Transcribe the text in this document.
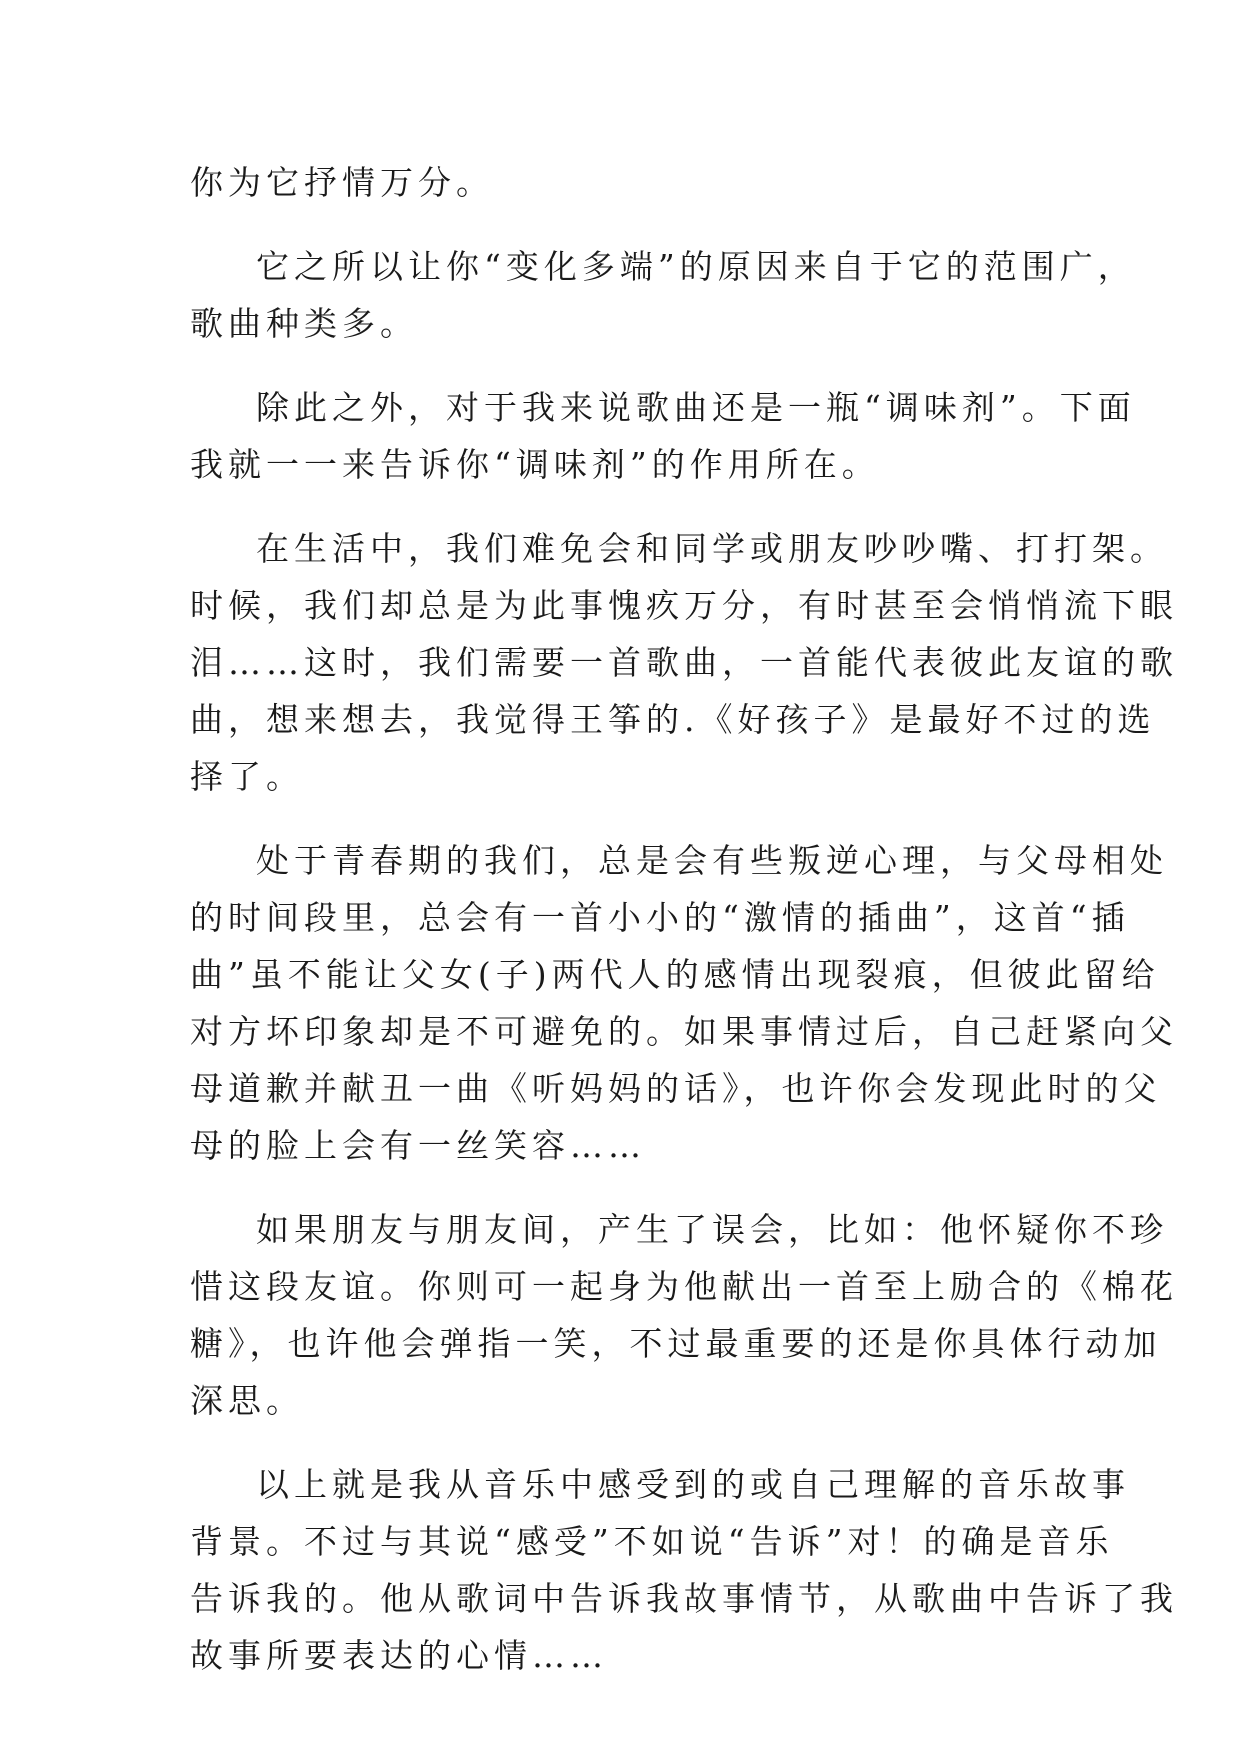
你为它抒情万分。
它之所以让你“变化多端”的原因来自于它的范围广，
歌曲种类多。
除此之外，对于我来说歌曲还是一瓶“调味剂”。下面
我就一一来告诉你“调味剂”的作用所在。
在生活中，我们难免会和同学或朋友吵吵嘴、打打架。
时候，我们却总是为此事愧疚万分，有时甚至会悄悄流下眼
泪……这时，我们需要一首歌曲，一首能代表彼此友谊的歌
曲，想来想去，我觉得王筝的.《好孩子》是最好不过的选
择了。
处于青春期的我们，总是会有些叛逆心理，与父母相处
的时间段里，总会有一首小小的“激情的插曲”，这首“插
曲”虽不能让父女(子)两代人的感情出现裂痕，但彼此留给
对方坏印象却是不可避免的。如果事情过后，自己赶紧向父
母道歉并献丑一曲《听妈妈的话》，也许你会发现此时的父
母的脸上会有一丝笑容……
如果朋友与朋友间，产生了误会，比如：他怀疑你不珍
惜这段友谊。你则可一起身为他献出一首至上励合的《棉花
糖》，也许他会弹指一笑，不过最重要的还是你具体行动加
深思。
以上就是我从音乐中感受到的或自己理解的音乐故事
背景。不过与其说“感受”不如说“告诉”对！的确是音乐
告诉我的。他从歌词中告诉我故事情节，从歌曲中告诉了我
故事所要表达的心情……
